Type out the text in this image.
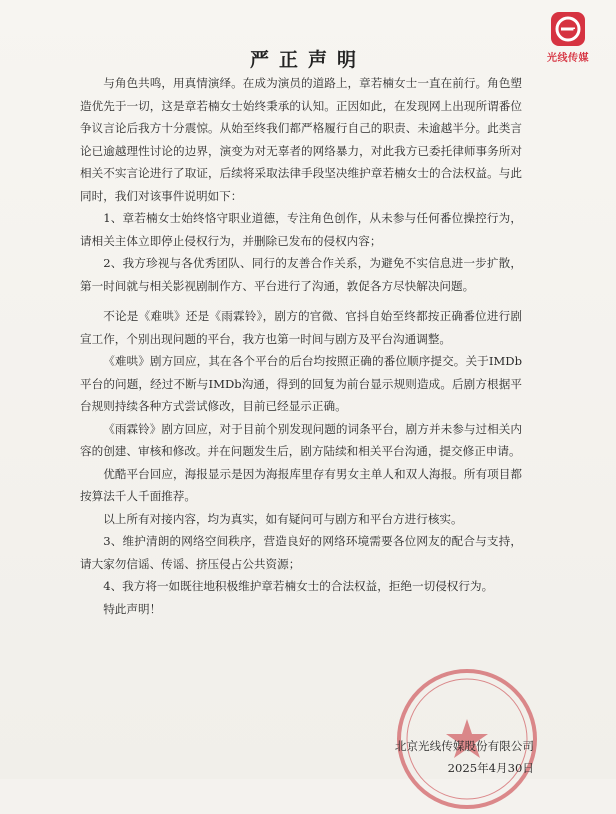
光线传媒
严正声明

与角色共鸣，用真情演绎。在成为演员的道路上，章若楠女士一直在前行。角色塑造优先于一切，这是章若楠女士始终秉承的认知。正因如此，在发现网上出现所谓番位争议言论后我方十分震惊。从始至终我们都严格履行自己的职责、未逾越半分。此类言论已逾越理性讨论的边界，演变为对无辜者的网络暴力，对此我方已委托律师事务所对相关不实言论进行了取证，后续将采取法律手段坚决维护章若楠女士的合法权益。与此同时，我们对该事件说明如下：

1、章若楠女士始终恪守职业道德，专注角色创作，从未参与任何番位操控行为，请相关主体立即停止侵权行为，并删除已发布的侵权内容；

2、我方珍视与各优秀团队、同行的友善合作关系，为避免不实信息进一步扩散，第一时间就与相关影视剧制作方、平台进行了沟通，敦促各方尽快解决问题。

不论是《难哄》还是《雨霖铃》，剧方的官微、官抖自始至终都按正确番位进行剧宣工作，个别出现问题的平台，我方也第一时间与剧方及平台沟通调整。

《难哄》剧方回应，其在各个平台的后台均按照正确的番位顺序提交。关于IMDb平台的问题，经过不断与IMDb沟通，得到的回复为前台显示规则造成。后剧方根据平台规则持续各种方式尝试修改，目前已经显示正确。

《雨霖铃》剧方回应，对于目前个别发现问题的词条平台，剧方并未参与过相关内容的创建、审核和修改。并在问题发生后，剧方陆续和相关平台沟通，提交修正申请。

优酷平台回应，海报显示是因为海报库里存有男女主单人和双人海报。所有项目都按算法千人千面推荐。

以上所有对接内容，均为真实，如有疑问可与剧方和平台方进行核实。

3、维护清朗的网络空间秩序，营造良好的网络环境需要各位网友的配合与支持，请大家勿信谣、传谣、挤压侵占公共资源；

4、我方将一如既往地积极维护章若楠女士的合法权益，拒绝一切侵权行为。

特此声明！

北京光线传媒股份有限公司
2025年4月30日
